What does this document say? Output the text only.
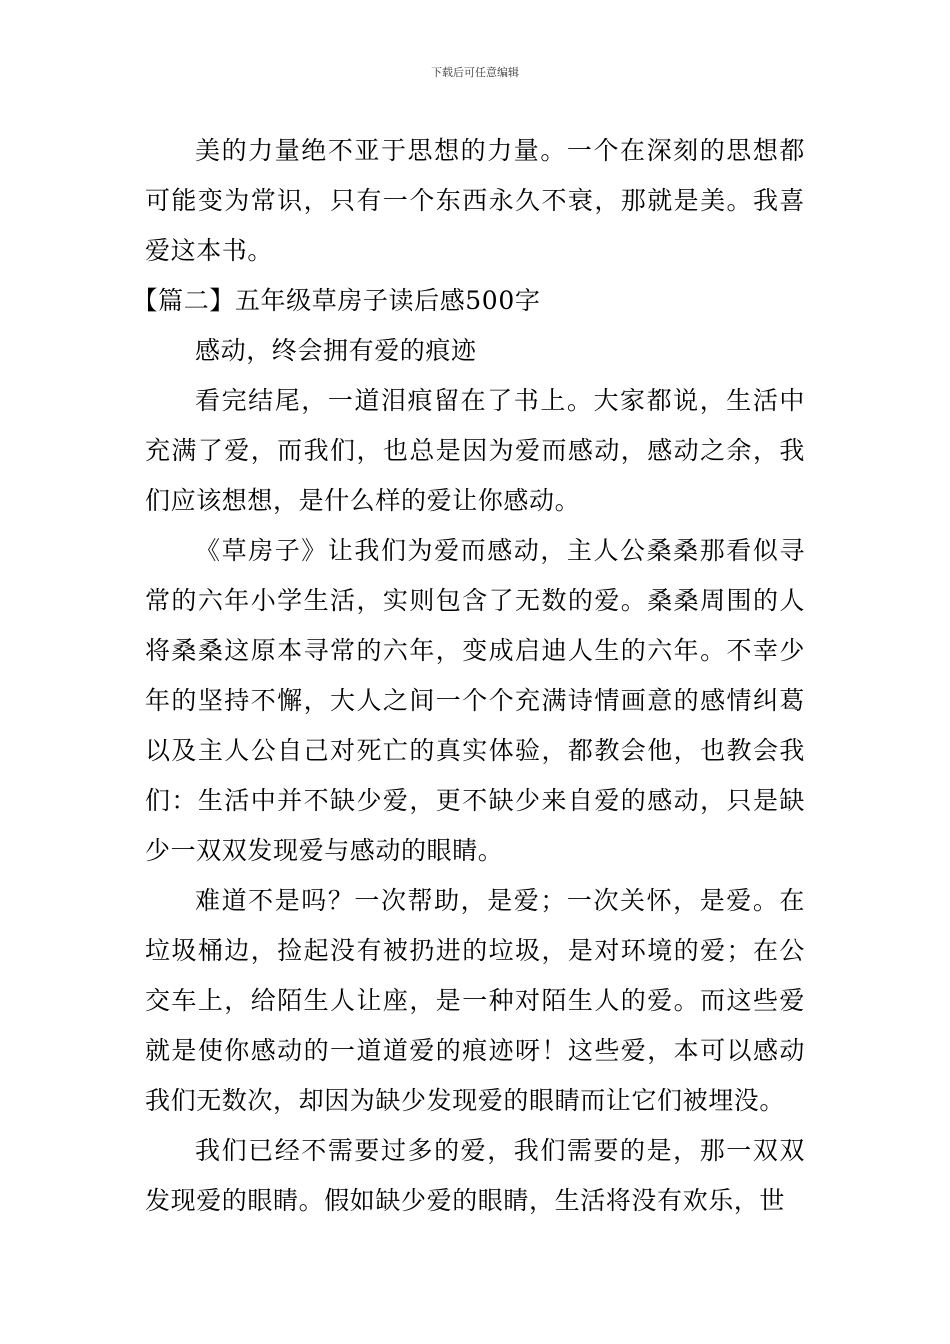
下载后可任意编辑

美的力量绝不亚于思想的力量。一个在深刻的思想都可能变为常识，只有一个东西永久不衰，那就是美。我喜爱这本书。

【篇二】五年级草房子读后感500字

感动，终会拥有爱的痕迹

看完结尾，一道泪痕留在了书上。大家都说，生活中充满了爱，而我们，也总是因为爱而感动，感动之余，我们应该想想，是什么样的爱让你感动。

《草房子》让我们为爱而感动，主人公桑桑那看似寻常的六年小学生活，实则包含了无数的爱。桑桑周围的人将桑桑这原本寻常的六年，变成启迪人生的六年。不幸少年的坚持不懈，大人之间一个个充满诗情画意的感情纠葛以及主人公自己对死亡的真实体验，都教会他，也教会我们：生活中并不缺少爱，更不缺少来自爱的感动，只是缺少一双双发现爱与感动的眼睛。

难道不是吗？一次帮助，是爱；一次关怀，是爱。在垃圾桶边，捡起没有被扔进的垃圾，是对环境的爱；在公交车上，给陌生人让座，是一种对陌生人的爱。而这些爱就是使你感动的一道道爱的痕迹呀！这些爱，本可以感动我们无数次，却因为缺少发现爱的眼睛而让它们被埋没。

我们已经不需要过多的爱，我们需要的是，那一双双发现爱的眼睛。假如缺少爱的眼睛，生活将没有欢乐，世
